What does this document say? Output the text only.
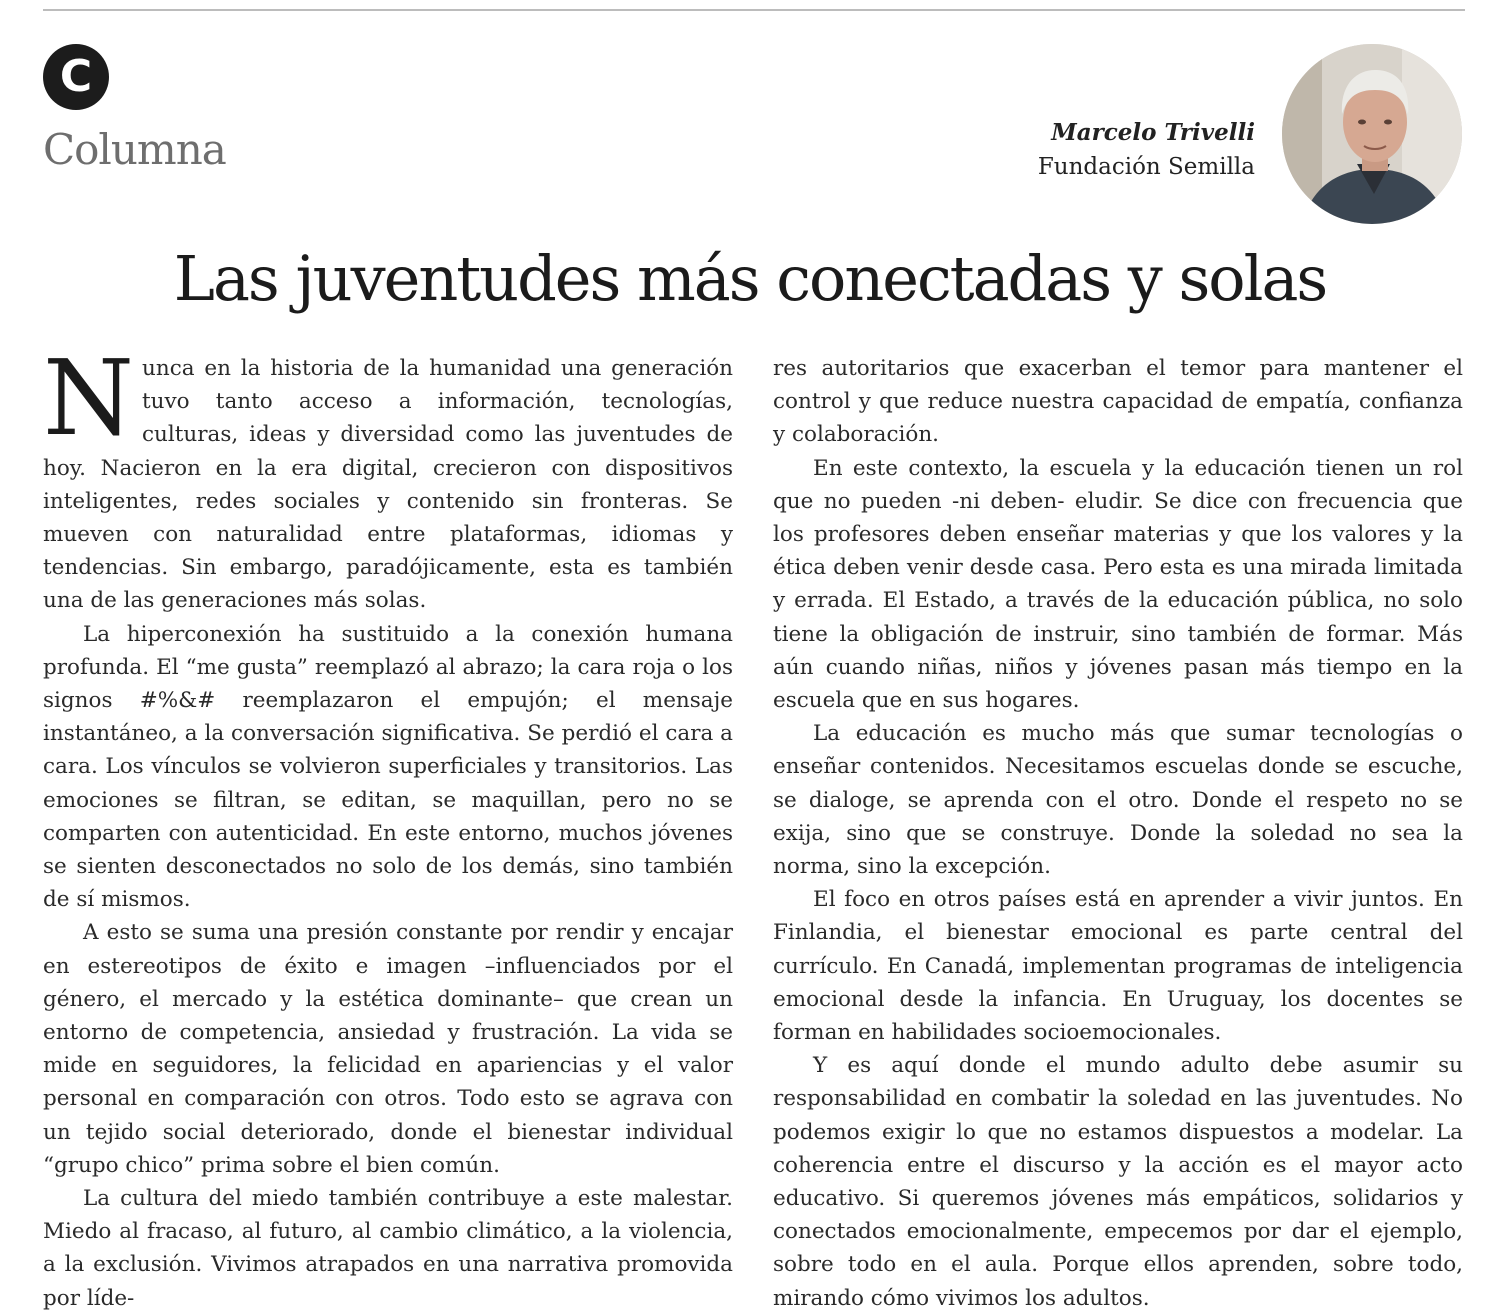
C
Columna	Marcelo Trivelli
Fundación Semilla
Las juventudes más conectadas y solas

Nunca en la historia de la humanidad una generación tuvo tanto acceso a información, tecnologías, culturas, ideas y diversidad como las juventudes de hoy. Nacieron en la era digital, crecieron con dispositivos inteligentes, redes sociales y contenido sin fronteras. Se mueven con naturalidad entre plataformas, idiomas y tendencias. Sin embargo, paradójicamente, esta es también una de las generaciones más solas.

La hiperconexión ha sustituido a la conexión humana profunda. El “me gusta” reemplazó al abrazo; la cara roja o los signos #%&# reemplazaron el empujón; el mensaje instantáneo, a la conversación significativa. Se perdió el cara a cara. Los vínculos se volvieron superficiales y transitorios. Las emociones se filtran, se editan, se maquillan, pero no se comparten con autenticidad. En este entorno, muchos jóvenes se sienten desconectados no solo de los demás, sino también de sí mismos.

A esto se suma una presión constante por rendir y encajar en estereotipos de éxito e imagen –influenciados por el género, el mercado y la estética dominante– que crean un entorno de competencia, ansiedad y frustración. La vida se mide en seguidores, la felicidad en apariencias y el valor personal en comparación con otros. Todo esto se agrava con un tejido social deteriorado, donde el bienestar individual “grupo chico” prima sobre el bien común.

La cultura del miedo también contribuye a este malestar. Miedo al fracaso, al futuro, al cambio climático, a la violencia, a la exclusión. Vivimos atrapados en una narrativa promovida por líde-

res autoritarios que exacerban el temor para mantener el control y que reduce nuestra capacidad de empatía, confianza y colaboración.

En este contexto, la escuela y la educación tienen un rol que no pueden -ni deben- eludir. Se dice con frecuencia que los profesores deben enseñar materias y que los valores y la ética deben venir desde casa. Pero esta es una mirada limitada y errada. El Estado, a través de la educación pública, no solo tiene la obligación de instruir, sino también de formar. Más aún cuando niñas, niños y jóvenes pasan más tiempo en la escuela que en sus hogares.

La educación es mucho más que sumar tecnologías o enseñar contenidos. Necesitamos escuelas donde se escuche, se dialoge, se aprenda con el otro. Donde el respeto no se exija, sino que se construye. Donde la soledad no sea la norma, sino la excepción.

El foco en otros países está en aprender a vivir juntos. En Finlandia, el bienestar emocional es parte central del currículo. En Canadá, implementan programas de inteligencia emocional desde la infancia. En Uruguay, los docentes se forman en habilidades socioemocionales.

Y es aquí donde el mundo adulto debe asumir su responsabilidad en combatir la soledad en las juventudes. No podemos exigir lo que no estamos dispuestos a modelar. La coherencia entre el discurso y la acción es el mayor acto educativo. Si queremos jóvenes más empáticos, solidarios y conectados emocionalmente, empecemos por dar el ejemplo, sobre todo en el aula. Porque ellos aprenden, sobre todo, mirando cómo vivimos los adultos.
